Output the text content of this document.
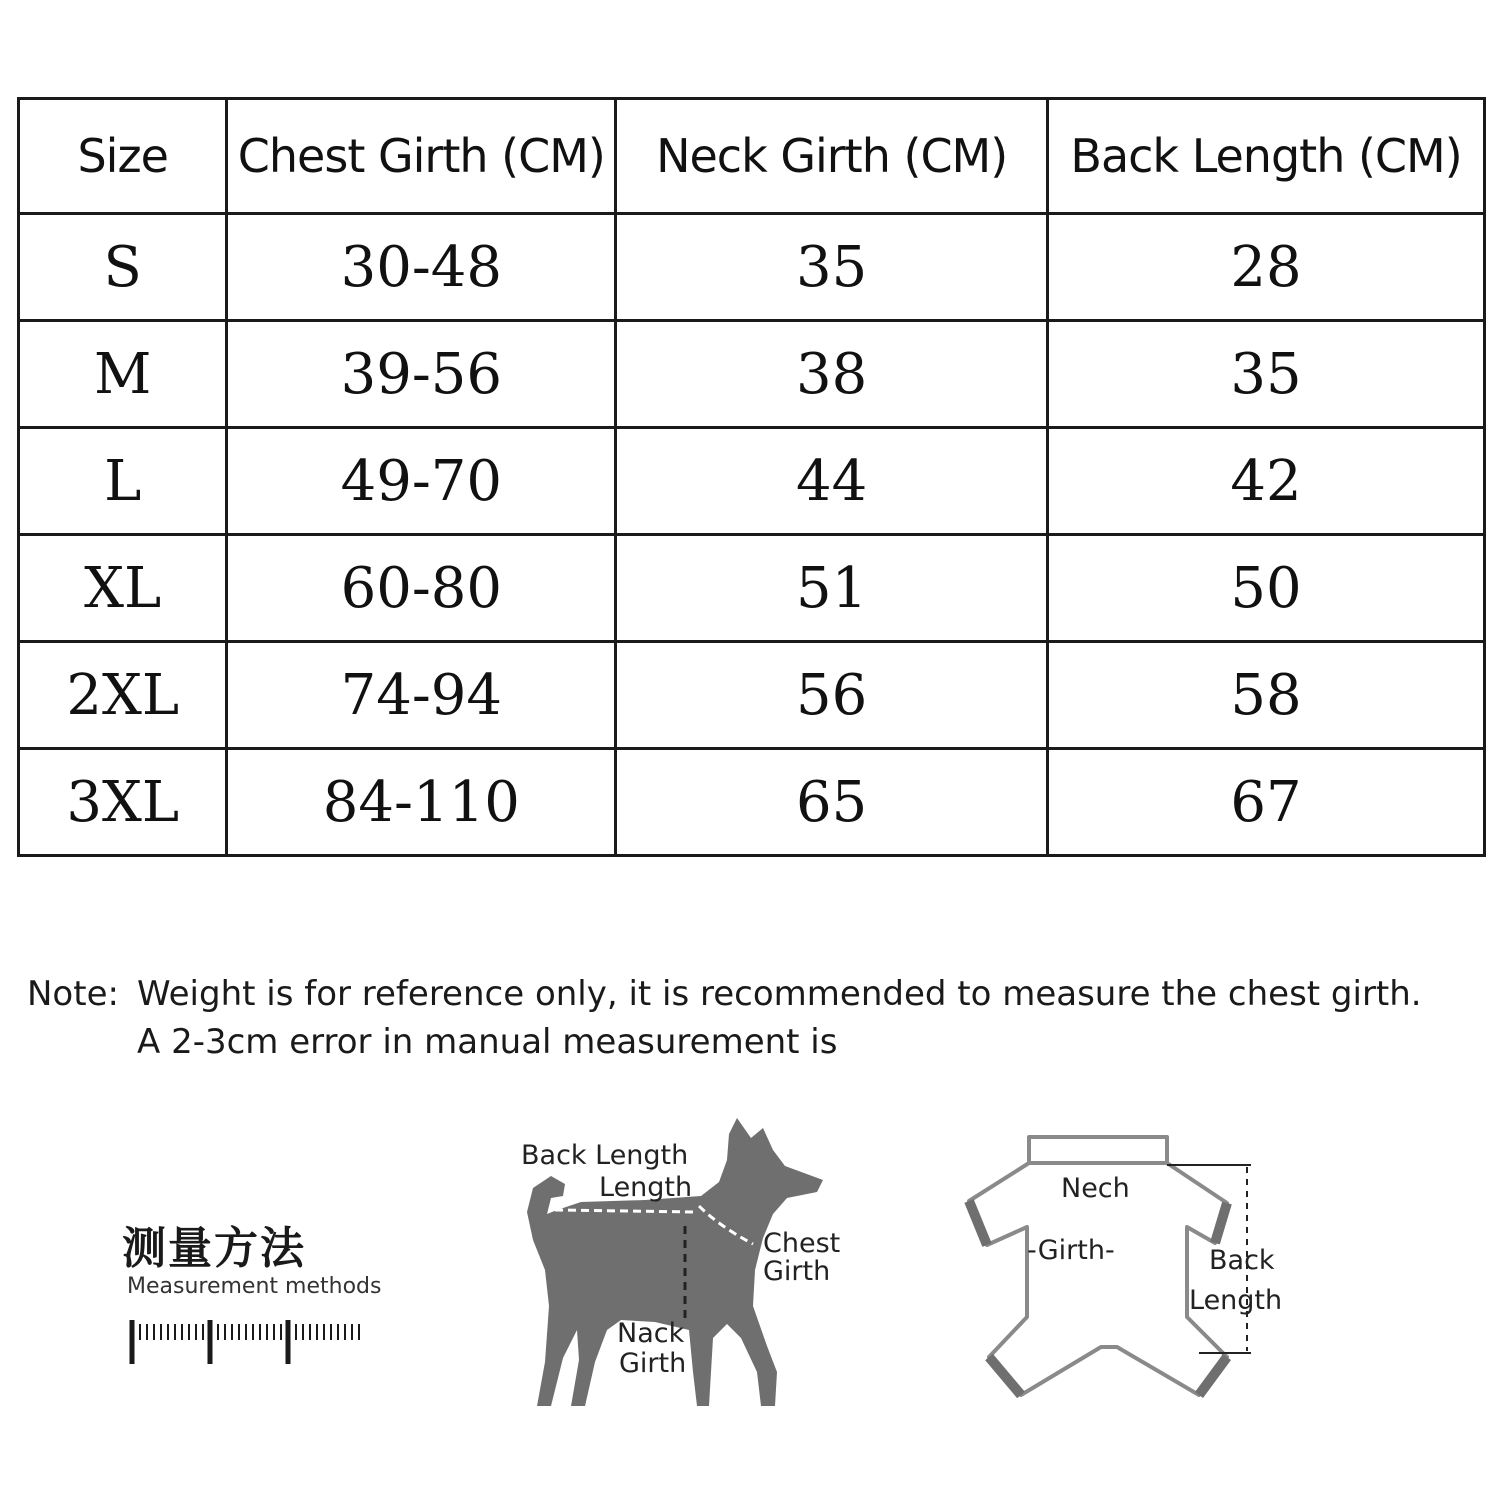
Size	Chest Girth (CM)	Neck Girth (CM)	Back Length (CM)
S	30-48	35	28
M	39-56	38	35
L	49-70	44	42
XL	60-80	51	50
2XL	74-94	56	58
3XL	84-110	65	67
Note: Weight is for reference only, it is recommended to measure the chest girth.
A 2-3cm error in manual measurement is
测量方法
Measurement methods
Back Length
Length
Chest
Girth
Nack
Girth
Nech
-Girth-	Back
Length
